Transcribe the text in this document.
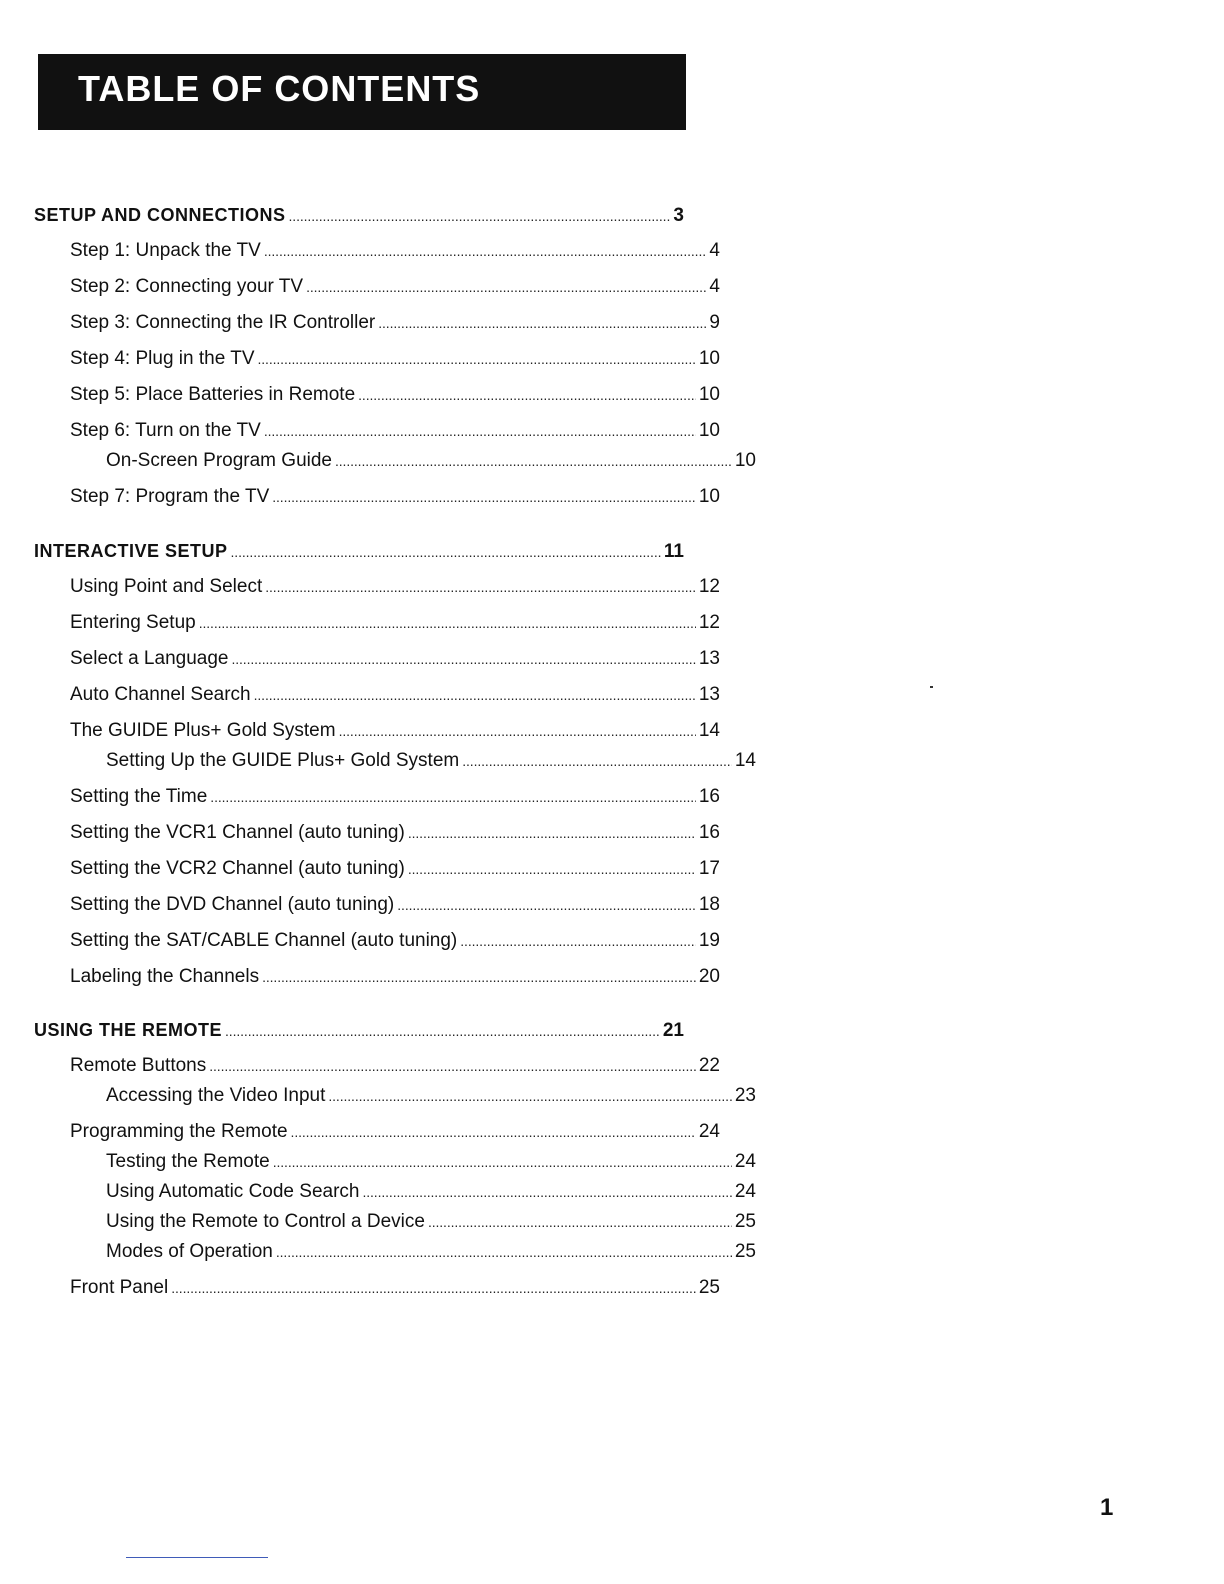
TABLE OF CONTENTS
SETUP AND CONNECTIONS . . .	3
Step 1: Unpack the TV . . .	4
Step 2: Connecting your TV . . .	4
Step 3: Connecting the IR Controller . . .	9
Step 4: Plug in the TV . . .	10
Step 5: Place Batteries in Remote . . .	10
Step 6: Turn on the TV . . .	10
On-Screen Program Guide . . .	10
Step 7: Program the TV . . .	10
INTERACTIVE SETUP . . .	11
Using Point and Select . . .	12
Entering Setup . . .	12
Select a Language . . .	13
Auto Channel Search . . .	13
The GUIDE Plus+ Gold System . . .	14
Setting Up the GUIDE Plus+ Gold System . . .	14
Setting the Time . . .	16
Setting the VCR1 Channel (auto tuning) . . .	16
Setting the VCR2 Channel (auto tuning) . . .	17
Setting the DVD Channel (auto tuning) . . .	18
Setting the SAT/CABLE Channel (auto tuning) . . .	19
Labeling the Channels . . .	20
USING THE REMOTE . . .	21
Remote Buttons . . .	22
Accessing the Video Input . . .	23
Programming the Remote . . .	24
Testing the Remote . . .	24
Using Automatic Code Search . . .	24
Using the Remote to Control a Device . . .	25
Modes of Operation . . .	25
Front Panel . . .	25
1
